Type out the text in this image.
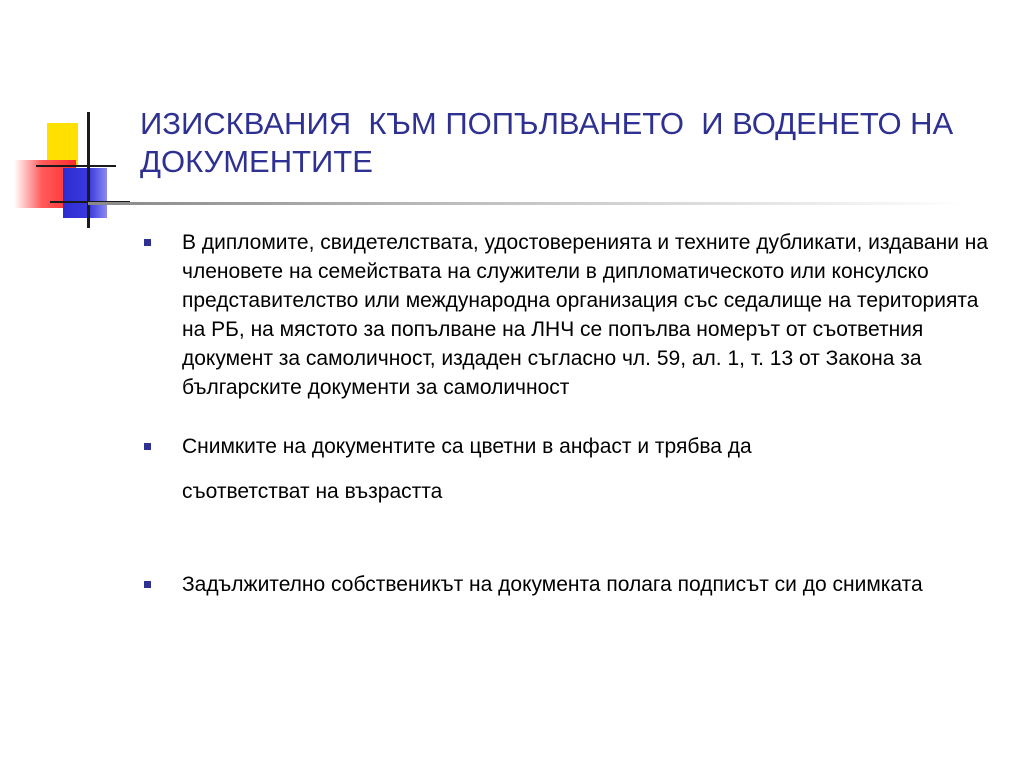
ИЗИСКВАНИЯ  КЪМ ПОПЪЛВАНЕТО  И ВОДЕНЕТО НА
ДОКУМЕНТИТЕ
В дипломите, свидетелствата, удостоверенията и техните дубликати, издавани на членовете на семействата на служители в дипломатическото или консулско представителство или международна организация със седалище на територията на РБ, на мястото за попълване на ЛНЧ се попълва номерът от съответния документ за самоличност, издаден съгласно чл. 59, ал. 1, т. 13 от Закона за българските документи за самоличност
Снимките на документите са цветни в анфаст и трябва да
съответстват на възрастта
Задължително собственикът на документа полага подписът си до снимката
